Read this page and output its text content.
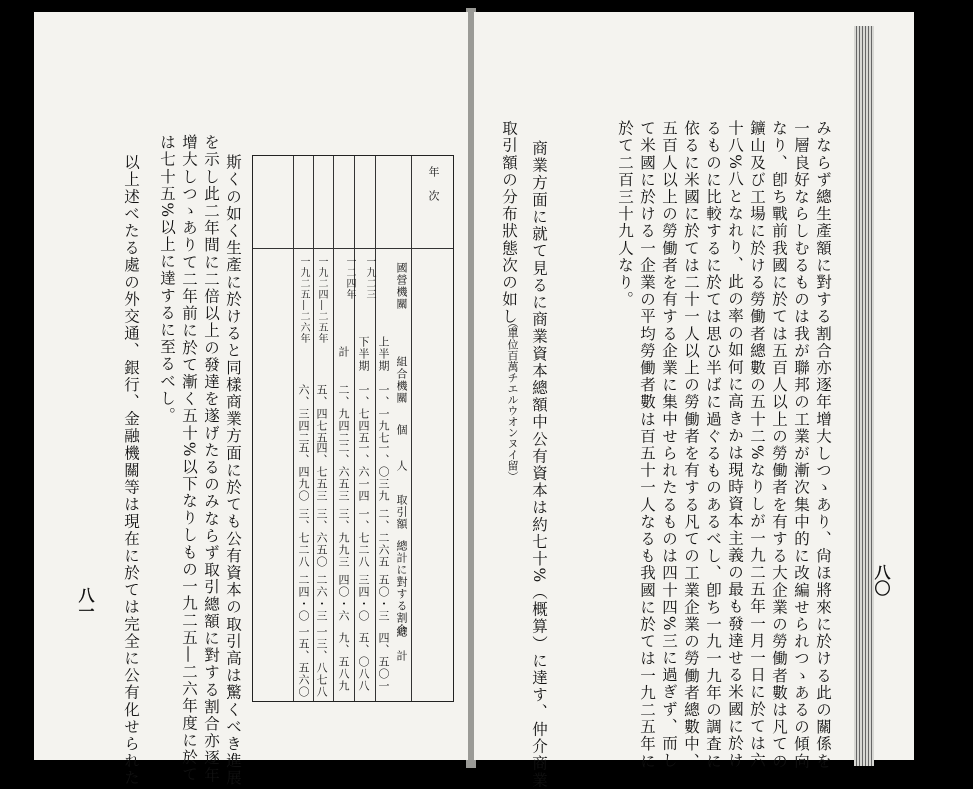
八〇
みならず總生產額に對する割合亦逐年增大しつゝあり、尙ほ將來に於ける此の關係を
一層良好ならしむるものは我が聯邦の工業が漸次集中的に改編せられつゝあるの傾向
なり、卽ち戰前我國に於ては五百人以上の勞働者を有する大企業の勞働者數は凡ての
鑛山及び工場に於ける勞働者總數の五十二%なりしが一九二五年一月一日に於ては六
十八%八となれり、此の率の如何に高きかは現時資本主義の最も發達せる米國に於け
るものに比較するに於ては思ひ半ばに過ぐるものあるべし、卽ち一九一九年の調査に
依るに米國に於ては二十一人以上の勞働者を有する凡ての工業企業の勞働者總數中、
五百人以上の勞働者を有する企業に集中せられたるものは四十四%三に過ぎず、而し
て米國に於ける一企業の平均勞働者數は百五十一人なるも我國に於ては一九二五年に
於て二百三十九人なり。
商業方面に就て見るに商業資本總額中公有資本は約七十%（概算）に達す、仲介商業
取引額の分布狀態次の如し。
（單位百萬チエルウオンヌイ留）
斯くの如く生產に於けると同樣商業方面に於ても公有資本の取引高は驚くべき進展
を示し此二年間に二倍以上の發達を遂げたるのみならず取引總額に對する割合亦逐年
增大しつゝありて二年前に於て漸く五十%以下なりしもの一九二五―二六年度に於て
は七十五%以上に達するに至るべし。
以上述べたる處の外交通、銀行、金融機關等は現在に於ては完全に公有化せられた
八一
年　次
國營機關
組合機關
個　　人
取引額
總計に對する割合
總　計
一九二三
一二四年
上半期
下半期
計
一九二四―二五年
一九二五―二六年
一、一九七
一、七四五
二、九四二
五、四七五
六、三四二
一、〇三九
一、六一四
二、六五三
四、七五三
五、四九〇
二、二六五
一、七二八
三、九九三
三、六五〇
三、七二八
五〇・三
三四・〇
四〇・六
二六・三
二四・〇
四、五〇一
五、〇八八
九、五八九
一三、八七八
一五、五六〇
